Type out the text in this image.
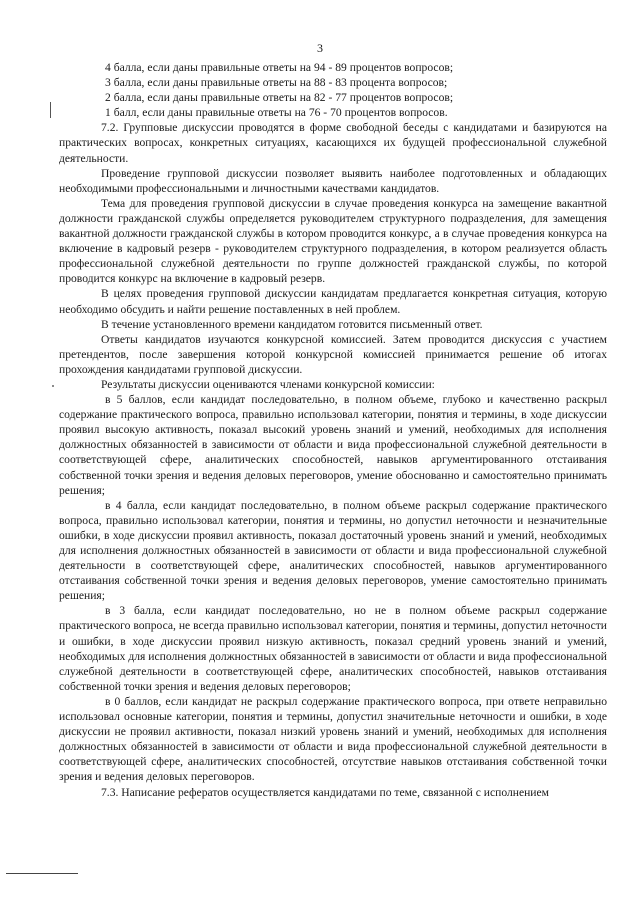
3

4 балла, если даны правильные ответы на 94 - 89 процентов вопросов;

3 балла, если даны правильные ответы на 88 - 83 процента вопросов;

2 балла, если даны правильные ответы на 82 - 77 процентов вопросов;

1 балл, если даны правильные ответы на 76 - 70 процентов вопросов.

7.2. Групповые дискуссии проводятся в форме свободной беседы с кандидатами и базируются на практических вопросах, конкретных ситуациях, касающихся их будущей профессиональной служебной деятельности.

Проведение групповой дискуссии позволяет выявить наиболее подготовленных и обладающих необходимыми профессиональными и личностными качествами кандидатов.

Тема для проведения групповой дискуссии в случае проведения конкурса на замещение вакантной должности гражданской службы определяется руководителем структурного подразделения, для замещения вакантной должности гражданской службы в котором проводится конкурс, а в случае проведения конкурса на включение в кадровый резерв - руководителем структурного подразделения, в котором реализуется область профессиональной служебной деятельности по группе должностей гражданской службы, по которой проводится конкурс на включение в кадровый резерв.

В целях проведения групповой дискуссии кандидатам предлагается конкретная ситуация, которую необходимо обсудить и найти решение поставленных в ней проблем.

В течение установленного времени кандидатом готовится письменный ответ.

Ответы кандидатов изучаются конкурсной комиссией. Затем проводится дискуссия с участием претендентов, после завершения которой конкурсной комиссией принимается решение об итогах прохождения кандидатами групповой дискуссии.

Результаты дискуссии оцениваются членами конкурсной комиссии:

в 5 баллов, если кандидат последовательно, в полном объеме, глубоко и качественно раскрыл содержание практического вопроса, правильно использовал категории, понятия и термины, в ходе дискуссии проявил высокую активность, показал высокий уровень знаний и умений, необходимых для исполнения должностных обязанностей в зависимости от области и вида профессиональной служебной деятельности в соответствующей сфере, аналитических способностей, навыков аргументированного отстаивания собственной точки зрения и ведения деловых переговоров, умение обоснованно и самостоятельно принимать решения;

в 4 балла, если кандидат последовательно, в полном объеме раскрыл содержание практического вопроса, правильно использовал категории, понятия и термины, но допустил неточности и незначительные ошибки, в ходе дискуссии проявил активность, показал достаточный уровень знаний и умений, необходимых для исполнения должностных обязанностей в зависимости от области и вида профессиональной служебной деятельности в соответствующей сфере, аналитических способностей, навыков аргументированного отстаивания собственной точки зрения и ведения деловых переговоров, умение самостоятельно принимать решения;

в 3 балла, если кандидат последовательно, но не в полном объеме раскрыл содержание практического вопроса, не всегда правильно использовал категории, понятия и термины, допустил неточности и ошибки, в ходе дискуссии проявил низкую активность, показал средний уровень знаний и умений, необходимых для исполнения должностных обязанностей в зависимости от области и вида профессиональной служебной деятельности в соответствующей сфере, аналитических способностей, навыков отстаивания собственной точки зрения и ведения деловых переговоров;

в 0 баллов, если кандидат не раскрыл содержание практического вопроса, при ответе неправильно использовал основные категории, понятия и термины, допустил значительные неточности и ошибки, в ходе дискуссии не проявил активности, показал низкий уровень знаний и умений, необходимых для исполнения должностных обязанностей в зависимости от области и вида профессиональной служебной деятельности в соответствующей сфере, аналитических способностей, отсутствие навыков отстаивания собственной точки зрения и ведения деловых переговоров.

7.3. Написание рефератов осуществляется кандидатами по теме, связанной с исполнением
